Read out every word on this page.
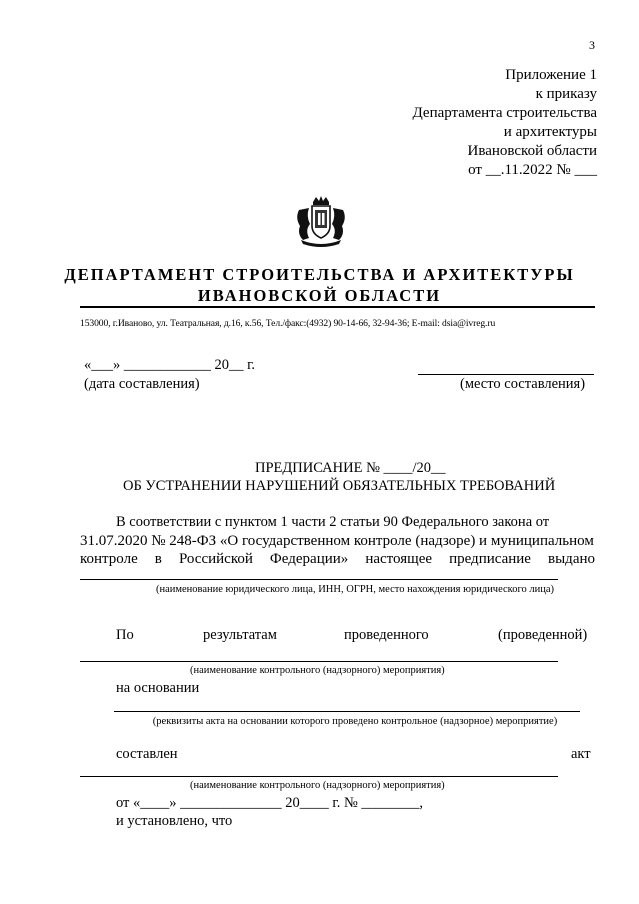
3
Приложение 1
к приказу
Департамента строительства
и архитектуры
Ивановской области
от __.11.2022 № ___
ДЕПАРТАМЕНТ СТРОИТЕЛЬСТВА И АРХИТЕКТУРЫ
ИВАНОВСКОЙ ОБЛАСТИ
153000, г.Иваново, ул. Театральная, д.16, к.56, Тел./факс:(4932) 90-14-66, 32-94-36; E-mail: dsia@ivreg.ru
«___» ____________ 20__ г.
(дата составления)	(место составления)
ПРЕДПИСАНИЕ № ____/20__
ОБ УСТРАНЕНИИ НАРУШЕНИЙ ОБЯЗАТЕЛЬНЫХ ТРЕБОВАНИЙ
В соответствии с пунктом 1 части 2 статьи 90 Федерального закона от
31.07.2020 № 248-ФЗ «О государственном контроле (надзоре) и муниципальном
контроле в Российской Федерации» настоящее предписание выдано
(наименование юридического лица, ИНН, ОГРН, место нахождения юридического лица)
По	результатам	проведенного	(проведенной)
(наименование контрольного (надзорного) мероприятия)
на основании
(реквизиты акта на основании которого проведено контрольное (надзорное) мероприятие)
составлен	акт
(наименование контрольного (надзорного) мероприятия)
от «____» ______________ 20____ г. № ________,
и установлено, что
